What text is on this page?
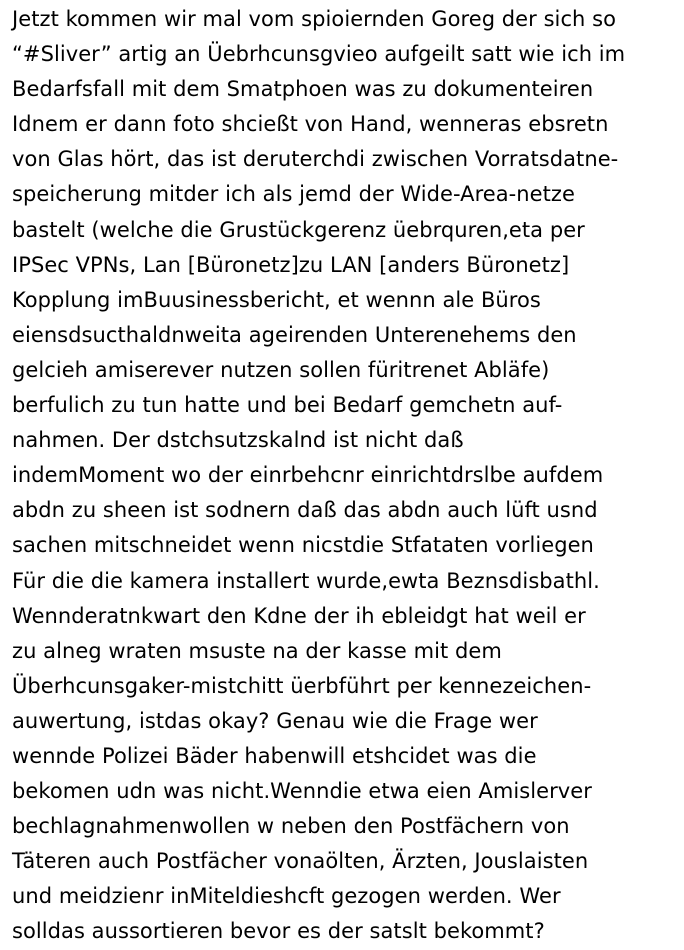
Jetzt kommen wir mal vom spioiernden Goreg der sich so
“#Sliver” artig an Üebrhcunsgvieo aufgeilt satt wie ich im
Bedarfsfall mit dem Smatphoen was zu dokumenteiren
Idnem er dann foto shcießt von Hand, wenneras ebsretn
von Glas hört, das ist deruterchdi zwischen Vorratsdatne-
speicherung mitder ich als jemd der Wide-Area-netze
bastelt (welche die Grustückgerenz üebrquren,eta per
IPSec VPNs, Lan [Büronetz]zu LAN [anders Büronetz]
Kopplung imBuusinessbericht, et wennn ale Büros
eiensdsucthaldnweita ageirenden Unterenehems den
gelcieh amiserever nutzen sollen füritrenet Abläfe)
berfulich zu tun hatte und bei Bedarf gemchetn auf-
nahmen. Der dstchsutzskalnd ist nicht daß
indemMoment wo der einrbehcnr einrichtdrslbe aufdem
abdn zu sheen ist sodnern daß das abdn auch lüft usnd
sachen mitschneidet wenn nicstdie Stfataten vorliegen
Für die die kamera installert wurde,ewta Beznsdisbathl.
Wennderatnkwart den Kdne der ih ebleidgt hat weil er
zu alneg wraten msuste na der kasse mit dem
Überhcunsgaker-mistchitt üerbführt per kennezeichen-
auwertung, istdas okay? Genau wie die Frage wer
wennde Polizei Bäder habenwill etshcidet was die
bekomen udn was nicht.Wenndie etwa eien Amislerver
bechlagnahmenwollen w neben den Postfächern von
Täteren auch Postfächer vonaölten, Ärzten, Jouslaisten
und meidzienr inMiteldieshcft gezogen werden. Wer
solldas aussortieren bevor es der satslt bekommt?
